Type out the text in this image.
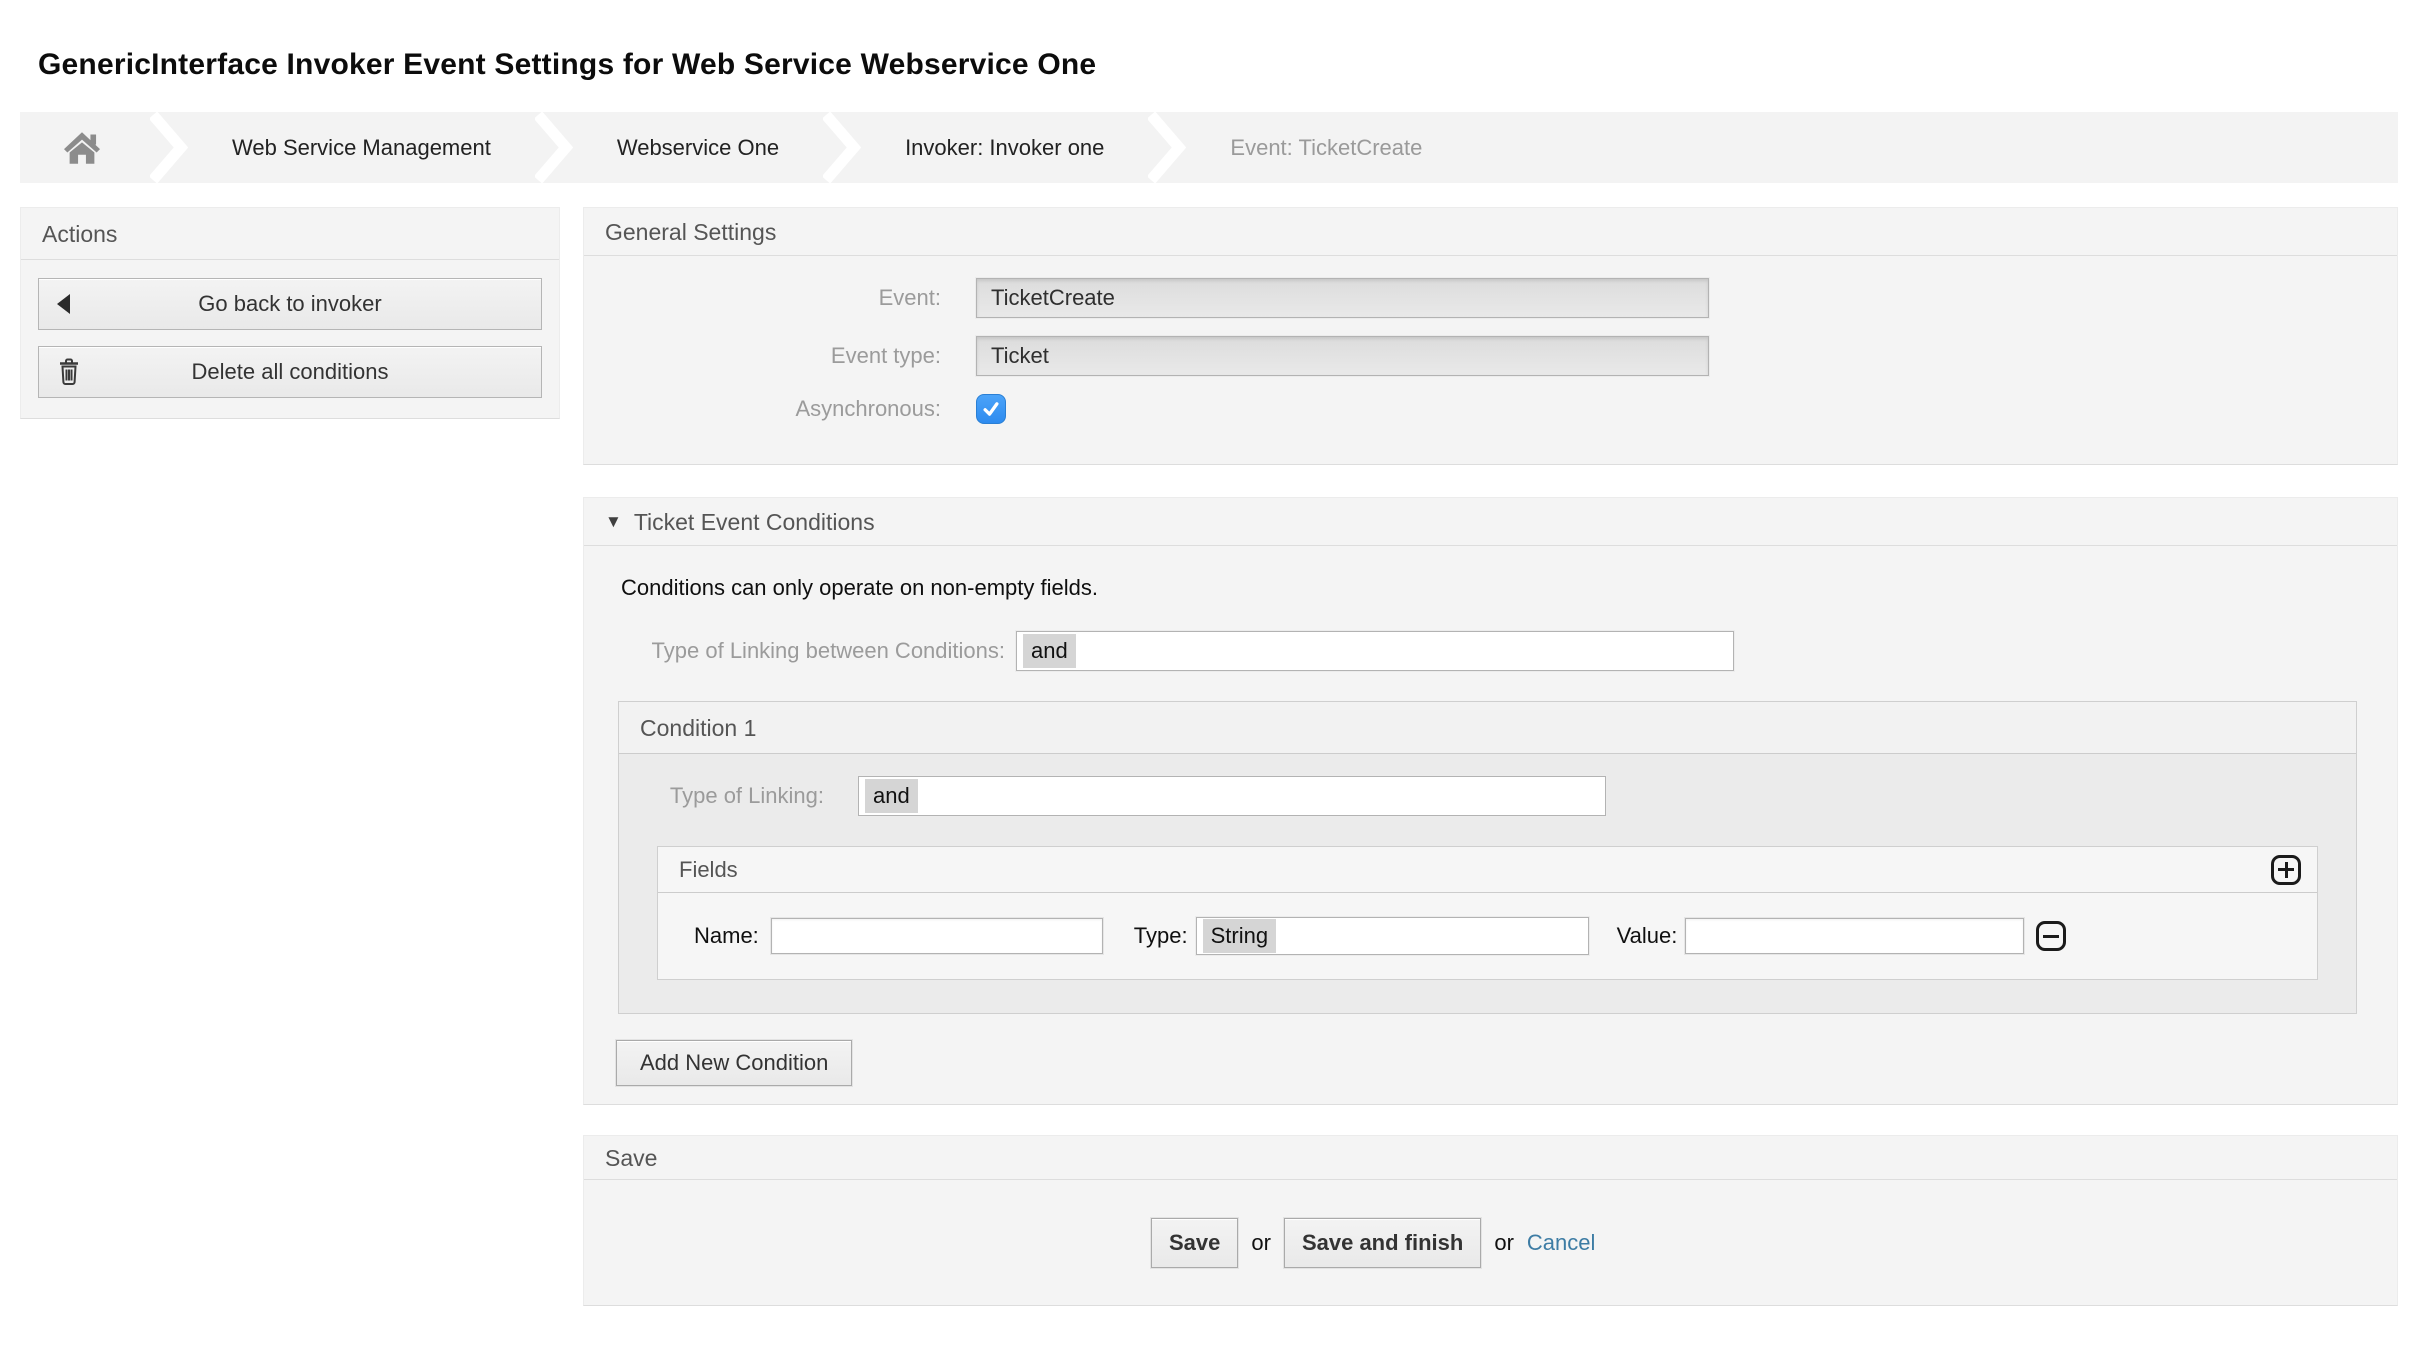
GenericInterface Invoker Event Settings for Web Service Webservice One
Web Service Management	Webservice One	Invoker: Invoker one	Event: TicketCreate
Actions
Go back to invoker
Delete all conditions
General Settings
Event:	TicketCreate
Event type:	Ticket
Asynchronous:
▼ Ticket Event Conditions

Conditions can only operate on non-empty fields.

Type of Linking between Conditions:	and
Condition 1
Type of Linking:	and
Fields
Name:	Type:	String	Value:
Add New Condition
Save
Save	or	Save and finish	or Cancel
